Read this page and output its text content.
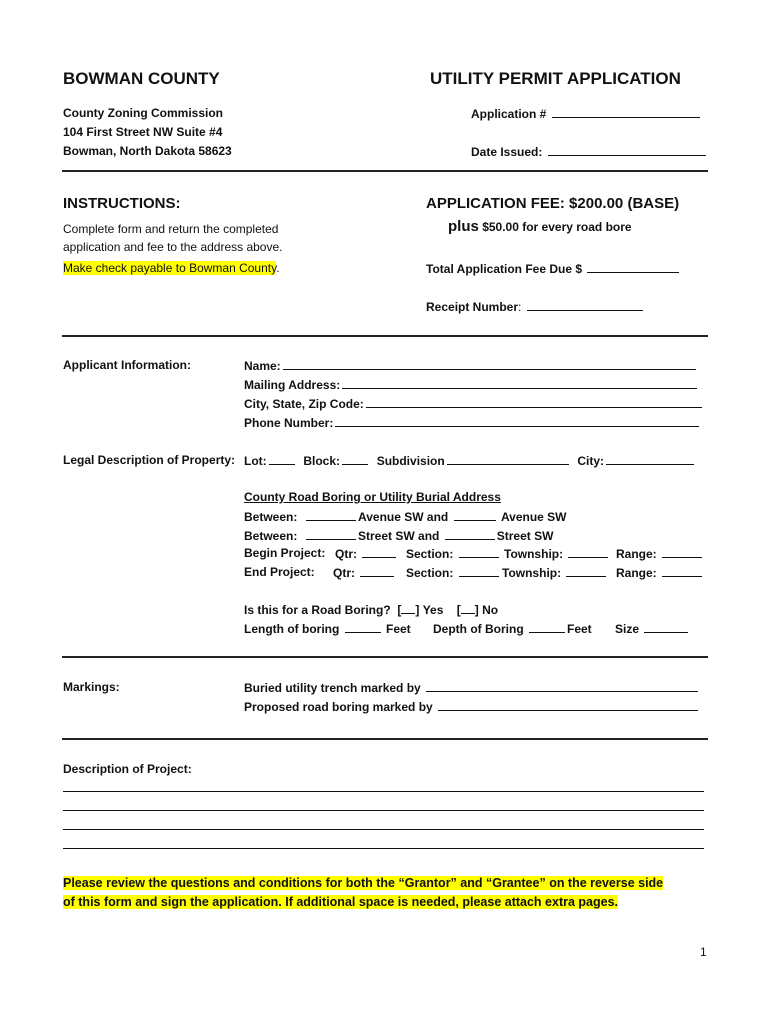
BOWMAN COUNTY	UTILITY PERMIT APPLICATION
County Zoning Commission
104 First Street NW Suite #4
Bowman, North Dakota 58623
Application #
Date Issued:
INSTRUCTIONS:
Complete form and return the completed
application and fee to the address above.
Make check payable to Bowman County.
APPLICATION FEE: $200.00 (BASE)
plus $50.00 for every road bore
Total Application Fee Due $
Receipt Number:
Applicant Information:	Name:
Mailing Address:
City, State, Zip Code:
Phone Number:
Legal Description of Property: Lot:	Block:	Subdivision	City:
County Road Boring or Utility Burial Address
Between:	Avenue SW and	Avenue SW
Between:	Street SW and	Street SW
Begin Project: Qtr:	Section:	Township:	Range:
End Project: Qtr:	Section:	Township:	Range:
Is this for a Road Boring?  [ ] Yes    [ ] No
Length of boring	Feet Depth of Boring	Feet Size
Markings:	Buried utility trench marked by
Proposed road boring marked by
Description of Project:
Please review the questions and conditions for both the “Grantor” and “Grantee” on the reverse side
of this form and sign the application. If additional space is needed, please attach extra pages.
1
